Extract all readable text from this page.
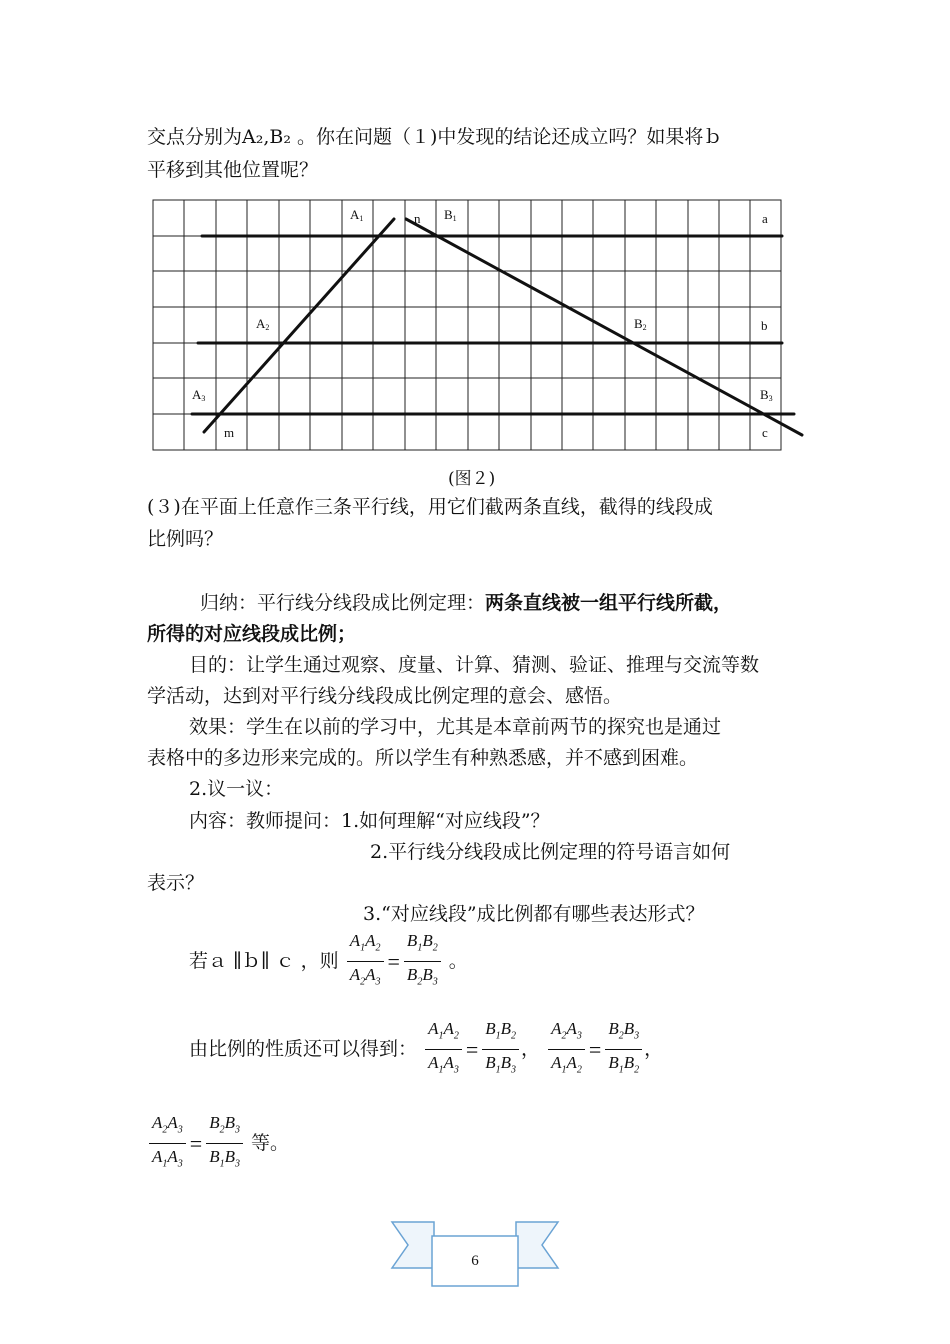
交点分别为A₂,B₂ 。你在问题（１)中发现的结论还成立吗？如果将ｂ
平移到其他位置呢？
A1	n B1	a
A2	B2	b
A3	B3
m	c
(图２)
(３)在平面上任意作三条平行线，用它们截两条直线，截得的线段成
比例吗？
归纳：平行线分线段成比例定理：两条直线被一组平行线所截，
所得的对应线段成比例；
目的：让学生通过观察、度量、计算、猜测、验证、推理与交流等数
学活动，达到对平行线分线段成比例定理的意会、感悟。
效果：学生在以前的学习中，尤其是本章前两节的探究也是通过
表格中的多边形来完成的。所以学生有种熟悉感，并不感到困难。
2.议一议：
内容：教师提问：1.如何理解“对应线段”？
2.平行线分线段成比例定理的符号语言如何
表示？
3.“对应线段”成比例都有哪些表达形式？
若ａ ∥ｂ∥ ｃ ，则 $\frac{A_1A_2}{A_2A_3} = \frac{B_1B_2}{B_2B_3}$ 。
由比例的性质还可以得到： $\frac{A_1A_2}{A_1A_3} = \frac{B_1B_2}{B_1B_3}$ ， $\frac{A_2A_3}{A_1A_2} = \frac{B_2B_3}{B_1B_2}$ ，
$\frac{A_2A_3}{A_1A_3} = \frac{B_2B_3}{B_1B_3}$ 等。
6
